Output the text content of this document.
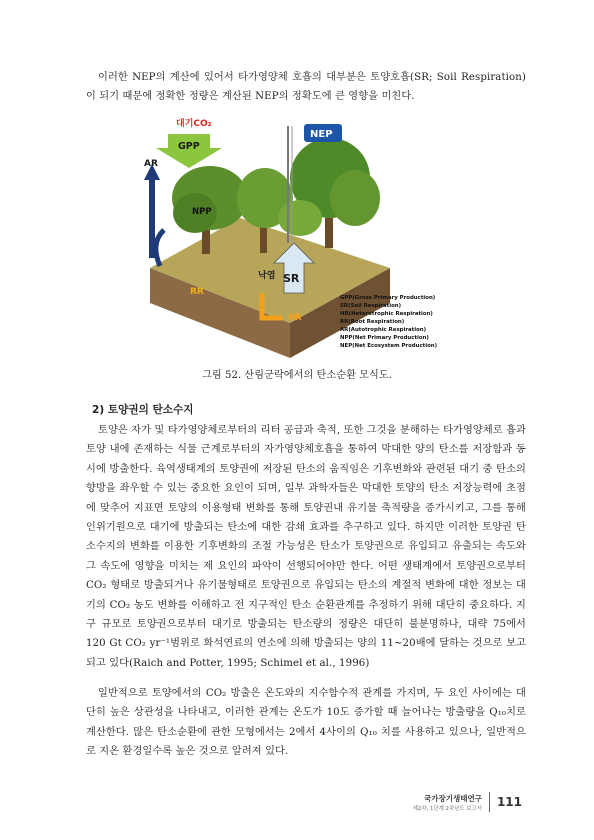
이러한 NEP의 계산에 있어서 타가영양체 호흡의 대부분은 토양호흡(SR; Soil Respiration)이 되기 때문에 정확한 정량은 계산된 NEP의 정확도에 큰 영향을 미친다.

대기CO₂
GPP
AR
NPP
NEP
RR
SR
HR
낙엽
GPP(Gross Primary Production)
SR(Soil Respiration)
HR(Heterotrophic Respiration)
RR(Root Respiration)
AR(Autotrophic Respiration)
NPP(Net Primary Production)
NEP(Net Ecosystem Production)
그림 52. 산림군락에서의 탄소순환 모식도.
2) 토양권의 탄소수지

토양은 자가 및 타가영양체로부터의 리터 공급과 축적, 또한 그것을 분해하는 타가영양체로 흡과 토양 내에 존재하는 식물 근계로부터의 자가영양체호흡을 통하여 막대한 양의 탄소를 저장함과 동시에 방출한다. 육역생태계의 토양권에 저장된 탄소의 움직임은 기후변화와 관련된 대기 중 탄소의 향방을 좌우할 수 있는 중요한 요인이 되며, 일부 과학자들은 막대한 토양의 탄소 저장능력에 초점에 맞추어 지표면 토양의 이용형태 변화를 통해 토양권내 유기물 축적량을 증가시키고, 그를 통해 인위기원으로 대기에 방출되는 탄소에 대한 감쇄 효과를 추구하고 있다. 하지만 이러한 토양권 탄소수지의 변화를 이용한 기후변화의 조절 가능성은 탄소가 토양권으로 유입되고 유출되는 속도와 그 속도에 영향을 미치는 제 요인의 파악이 선행되어야만 한다. 어떤 생태계에서 토양권으로부터 CO₂ 형태로 방출되거나 유기물형태로 토양권으로 유입되는 탄소의 계절적 변화에 대한 정보는 대기의 CO₂ 농도 변화를 이해하고 전 지구적인 탄소 순환관계를 추정하기 위해 대단히 중요하다. 지구 규모로 토양권으로부터 대기로 방출되는 탄소량의 정량은 대단히 불분명하나, 대략 75에서 120 Gt CO₂ yr⁻¹범위로 화석연료의 연소에 의해 방출되는 양의 11∼20배에 달하는 것으로 보고되고 있다(Raich and Potter, 1995; Schimel et al., 1996)

일반적으로 토양에서의 CO₂ 방출은 온도와의 지수함수적 관계를 가지며, 두 요인 사이에는 대단히 높은 상관성을 나타내고, 이러한 관계는 온도가 10도 증가할 때 늘어나는 방출량을 Q₁₀치로 계산한다. 많은 탄소순환에 관한 모형에서는 2에서 4사이의 Q₁₀ 치를 사용하고 있으나, 일반적으로 지온 환경일수록 높은 것으로 알려져 있다.

국가장기생태연구
제2차, 1단계 2차년도 보고서 111
